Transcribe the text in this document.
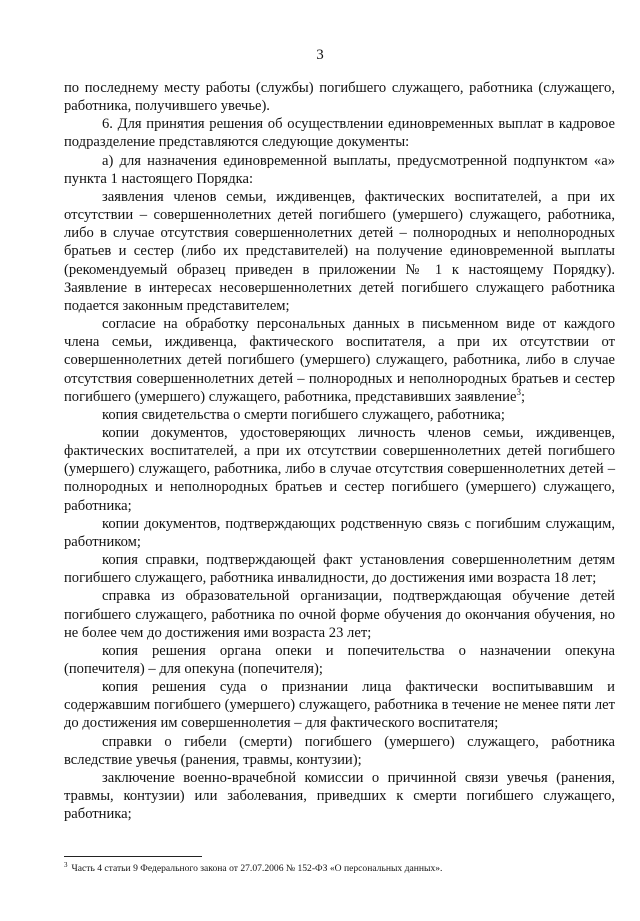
3

по последнему месту работы (службы) погибшего служащего, работника (служащего, работника, получившего увечье).

6. Для принятия решения об осуществлении единовременных выплат в кадровое подразделение представляются следующие документы:

а) для назначения единовременной выплаты, предусмотренной подпунктом «а» пункта 1 настоящего Порядка:

заявления членов семьи, иждивенцев, фактических воспитателей, а при их отсутствии – совершеннолетних детей погибшего (умершего) служащего, работника, либо в случае отсутствия совершеннолетних детей – полнородных и неполнородных братьев и сестер (либо их представителей) на получение единовременной выплаты (рекомендуемый образец приведен в приложении № 1 к настоящему Порядку). Заявление в интересах несовершеннолетних детей погибшего служащего работника подается законным представителем;

согласие на обработку персональных данных в письменном виде от каждого члена семьи, иждивенца, фактического воспитателя, а при их отсутствии от совершеннолетних детей погибшего (умершего) служащего, работника, либо в случае отсутствия совершеннолетних детей – полнородных и неполнородных братьев и сестер погибшего (умершего) служащего, работника, представивших заявление$^3$;

копия свидетельства о смерти погибшего служащего, работника;

копии документов, удостоверяющих личность членов семьи, иждивенцев, фактических воспитателей, а при их отсутствии совершеннолетних детей погибшего (умершего) служащего, работника, либо в случае отсутствия совершеннолетних детей – полнородных и неполнородных братьев и сестер погибшего (умершего) служащего, работника;

копии документов, подтверждающих родственную связь с погибшим служащим, работником;

копия справки, подтверждающей факт установления совершеннолетним детям погибшего служащего, работника инвалидности, до достижения ими возраста 18 лет;

справка из образовательной организации, подтверждающая обучение детей погибшего служащего, работника по очной форме обучения до окончания обучения, но не более чем до достижения ими возраста 23 лет;

копия решения органа опеки и попечительства о назначении опекуна (попечителя) – для опекуна (попечителя);

копия решения суда о признании лица фактически воспитывавшим и содержавшим погибшего (умершего) служащего, работника в течение не менее пяти лет до достижения им совершеннолетия – для фактического воспитателя;

справки о гибели (смерти) погибшего (умершего) служащего, работника вследствие увечья (ранения, травмы, контузии);

заключение военно-врачебной комиссии о причинной связи увечья (ранения, травмы, контузии) или заболевания, приведших к смерти погибшего служащего, работника;

$^3$ Часть 4 статьи 9 Федерального закона от 27.07.2006 № 152-ФЗ «О персональных данных».
